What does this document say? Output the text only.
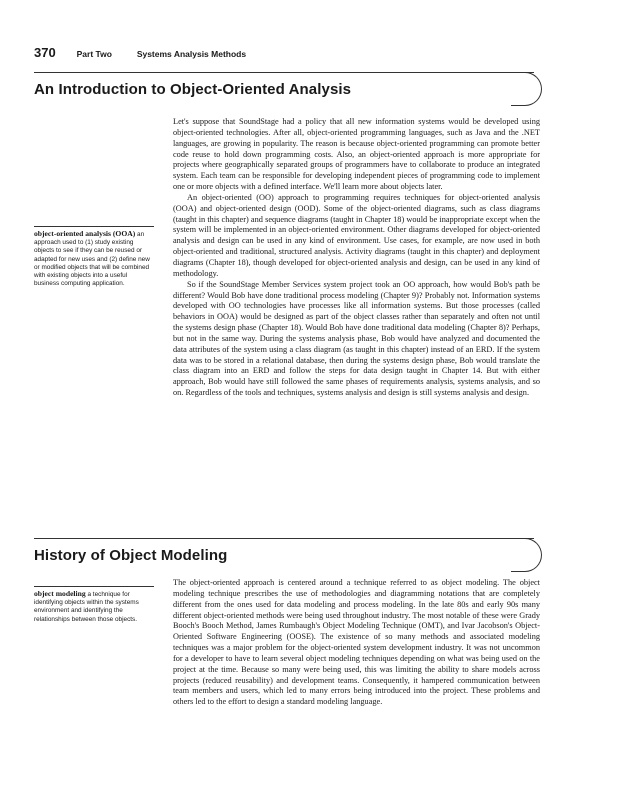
370 Part Two	Systems Analysis Methods
An Introduction to Object-Oriented Analysis

Let's suppose that SoundStage had a policy that all new information systems would be developed using object-oriented technologies. After all, object-oriented programming languages, such as Java and the .NET languages, are growing in popularity. The reason is because object-oriented programming can promote better code reuse to hold down programming costs. Also, an object-oriented approach is more appropriate for projects where geographically separated groups of programmers have to collaborate to produce an integrated system. Each team can be responsible for developing independent pieces of programming code to implement one or more objects with a defined interface. We'll learn more about objects later.

An object-oriented (OO) approach to programming requires techniques for object-oriented analysis (OOA) and object-oriented design (OOD). Some of the object-oriented diagrams, such as class diagrams (taught in this chapter) and sequence diagrams (taught in Chapter 18) would be inappropriate except when the system will be implemented in an object-oriented environment. Other diagrams developed for object-oriented analysis and design can be used in any kind of environment. Use cases, for example, are now used in both object-oriented and traditional, structured analysis. Activity diagrams (taught in this chapter) and deployment diagrams (Chapter 18), though developed for object-oriented analysis and design, can be used in any kind of methodology.

So if the SoundStage Member Services system project took an OO approach, how would Bob's path be different? Would Bob have done traditional process modeling (Chapter 9)? Probably not. Information systems developed with OO technologies have processes like all information systems. But those processes (called behaviors in OOA) would be designed as part of the object classes rather than separately and often not until the systems design phase (Chapter 18). Would Bob have done traditional data modeling (Chapter 8)? Perhaps, but not in the same way. During the systems analysis phase, Bob would have analyzed and documented the data attributes of the system using a class diagram (as taught in this chapter) instead of an ERD. If the system data was to be stored in a relational database, then during the systems design phase, Bob would translate the class diagram into an ERD and follow the steps for data design taught in Chapter 14. But with either approach, Bob would have still followed the same phases of requirements analysis, systems analysis, and so on. Regardless of the tools and techniques, systems analysis and design is still systems analysis and design.

object-oriented analysis (OOA) an approach used to (1) study existing objects to see if they can be reused or adapted for new uses and (2) define new or modified objects that will be combined with existing objects into a useful business computing application.
History of Object Modeling

The object-oriented approach is centered around a technique referred to as object modeling. The object modeling technique prescribes the use of methodologies and diagramming notations that are completely different from the ones used for data modeling and process modeling. In the late 80s and early 90s many different object-oriented methods were being used throughout industry. The most notable of these were Grady Booch's Booch Method, James Rumbaugh's Object Modeling Technique (OMT), and Ivar Jacobson's Object-Oriented Software Engineering (OOSE). The existence of so many methods and associated modeling techniques was a major problem for the object-oriented system development industry. It was not uncommon for a developer to have to learn several object modeling techniques depending on what was being used on the project at the time. Because so many were being used, this was limiting the ability to share models across projects (reduced reusability) and development teams. Consequently, it hampered communication between team members and users, which led to many errors being introduced into the project. These problems and others led to the effort to design a standard modeling language.

object modeling a technique for identifying objects within the systems environment and identifying the relationships between those objects.
